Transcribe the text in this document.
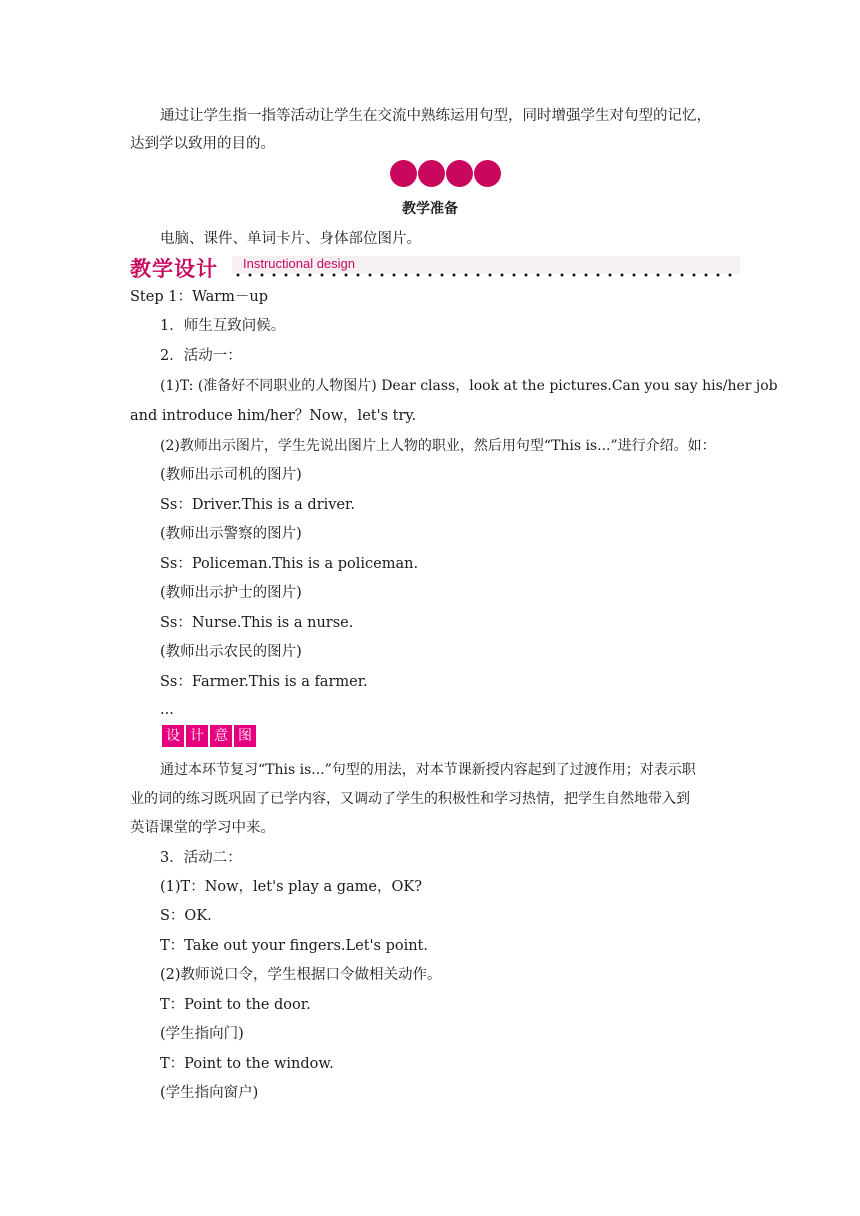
通过让学生指一指等活动让学生在交流中熟练运用句型，同时增强学生对句型的记忆，
达到学以致用的目的。
教学准备
电脑、课件、单词卡片、身体部位图片。
教学设计 Instructional design
Step 1：Warm－up
1．师生互致问候。
2．活动一：
(1)T: (准备好不同职业的人物图片) Dear class，look at the pictures.Can you say his/her job
and introduce him/her？Now，let's try.
(2)教师出示图片，学生先说出图片上人物的职业，然后用句型“This is...”进行介绍。如：
(教师出示司机的图片)
Ss：Driver.This is a driver.
(教师出示警察的图片)
Ss：Policeman.This is a policeman.
(教师出示护士的图片)
Ss：Nurse.This is a nurse.
(教师出示农民的图片)
Ss：Farmer.This is a farmer.
...
设 计 意 图
通过本环节复习“This is...”句型的用法，对本节课新授内容起到了过渡作用；对表示职
业的词的练习既巩固了已学内容，又调动了学生的积极性和学习热情，把学生自然地带入到
英语课堂的学习中来。
3．活动二：
(1)T：Now，let's play a game，OK?
S：OK.
T：Take out your fingers.Let's point.
(2)教师说口令，学生根据口令做相关动作。
T：Point to the door.
(学生指向门)
T：Point to the window.
(学生指向窗户)
